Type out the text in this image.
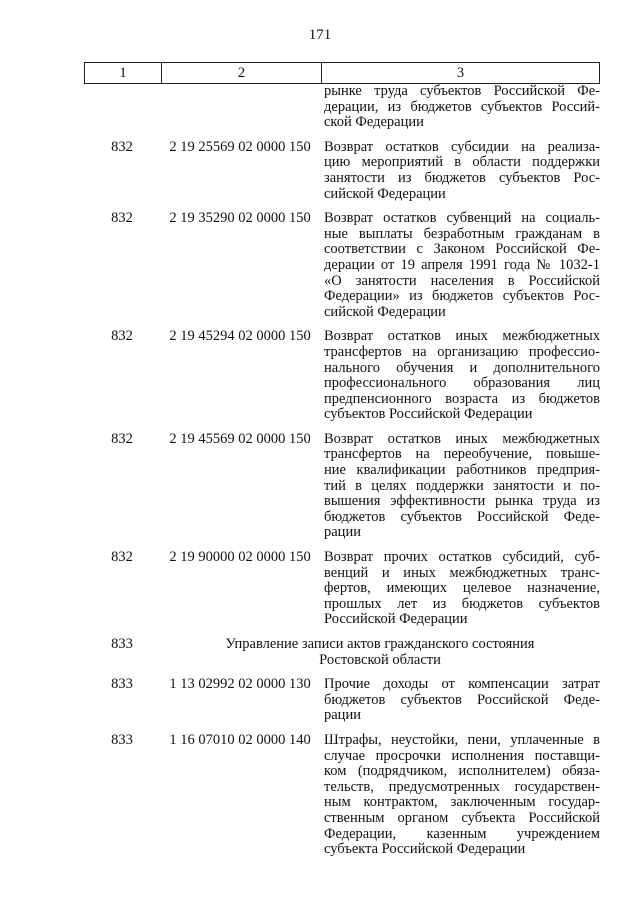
171
1	2	3
рынке труда субъектов Российской Фе-
дерации, из бюджетов субъектов Россий-
ской Федерации
832	2 19 25569 02 0000 150 Возврат остатков субсидии на реализа-
цию мероприятий в области поддержки
занятости из бюджетов субъектов Рос-
сийской Федерации
832	2 19 35290 02 0000 150 Возврат остатков субвенций на социаль-
ные выплаты безработным гражданам в
соответствии с Законом Российской Фе-
дерации от 19 апреля 1991 года № 1032-1
«О занятости населения в Российской
Федерации» из бюджетов субъектов Рос-
сийской Федерации
832	2 19 45294 02 0000 150 Возврат остатков иных межбюджетных
трансфертов на организацию профессио-
нального обучения и дополнительного
профессионального образования лиц
предпенсионного возраста из бюджетов
субъектов Российской Федерации
832	2 19 45569 02 0000 150 Возврат остатков иных межбюджетных
трансфертов на переобучение, повыше-
ние квалификации работников предприя-
тий в целях поддержки занятости и по-
вышения эффективности рынка труда из
бюджетов субъектов Российской Феде-
рации
832	2 19 90000 02 0000 150 Возврат прочих остатков субсидий, суб-
венций и иных межбюджетных транс-
фертов, имеющих целевое назначение,
прошлых лет из бюджетов субъектов
Российской Федерации
833	Управление записи актов гражданского состояния
Ростовской области
833	1 13 02992 02 0000 130 Прочие доходы от компенсации затрат
бюджетов субъектов Российской Феде-
рации
833	1 16 07010 02 0000 140 Штрафы, неустойки, пени, уплаченные в
случае просрочки исполнения поставщи-
ком (подрядчиком, исполнителем) обяза-
тельств, предусмотренных государствен-
ным контрактом, заключенным государ-
ственным органом субъекта Российской
Федерации, казенным учреждением
субъекта Российской Федерации
